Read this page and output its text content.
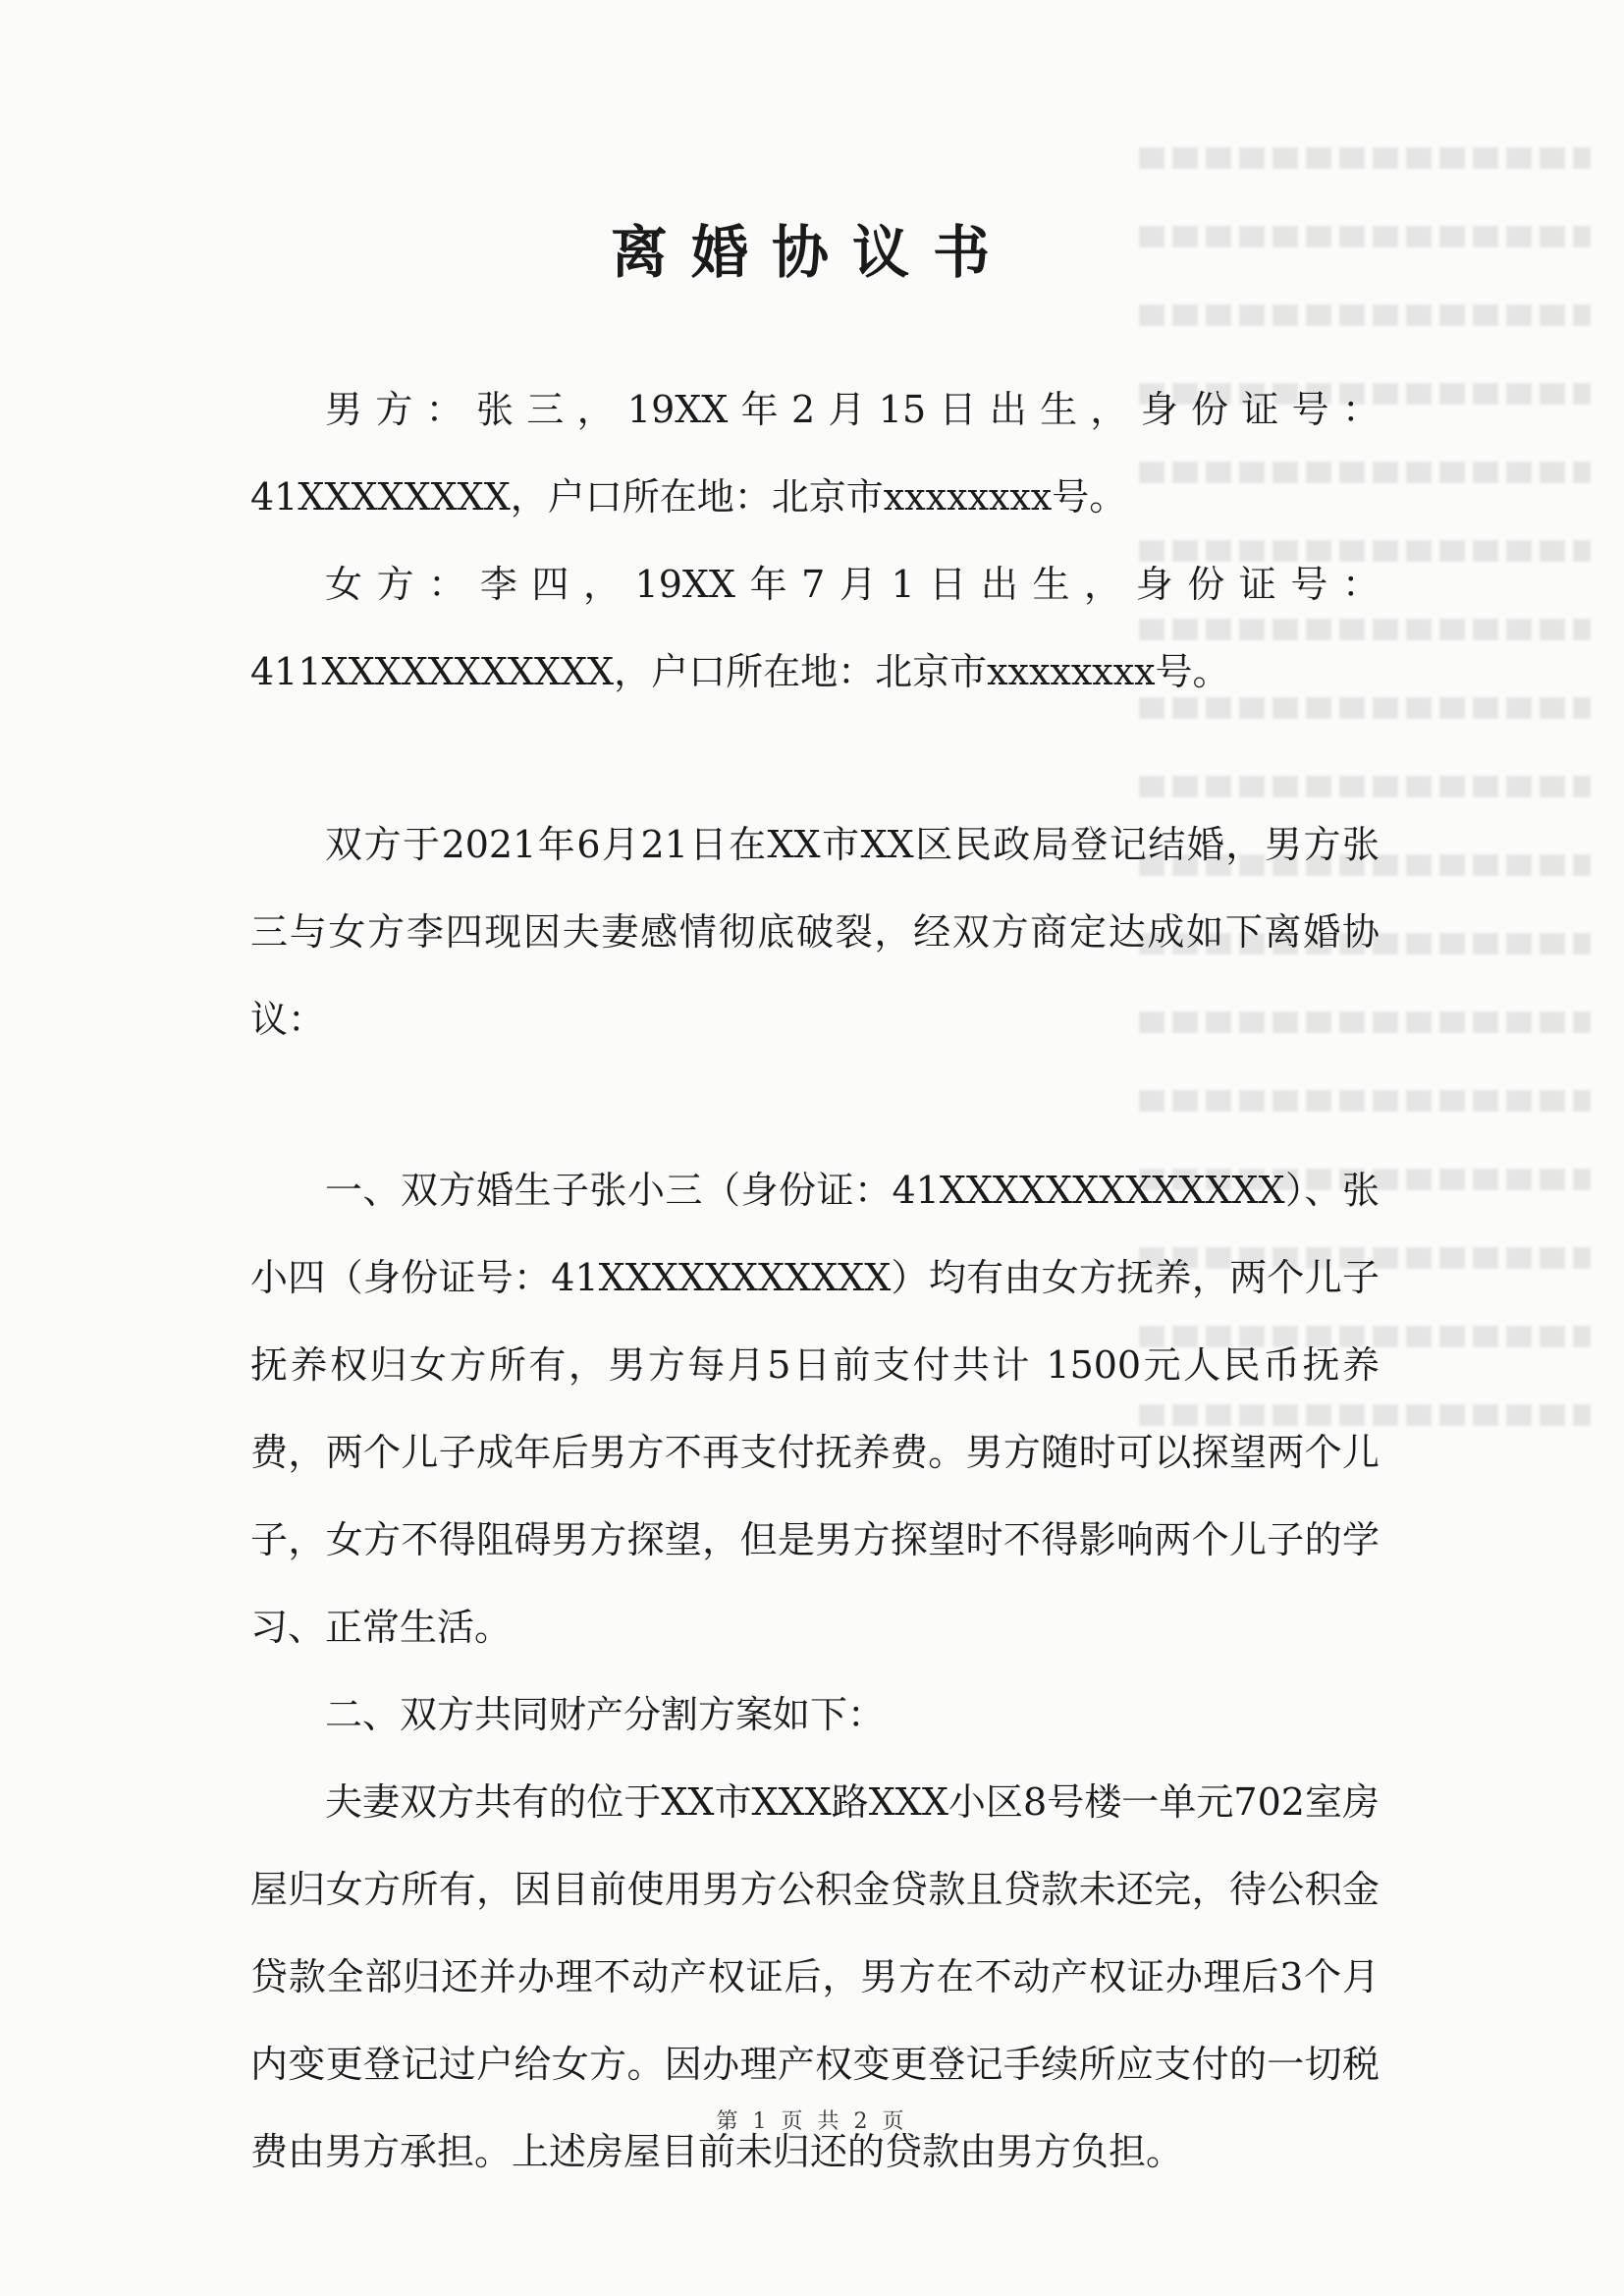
离婚协议书

男方：张三，19XX年2月15日出生，身份证号：41XXXXXXXX，户口所在地：北京市xxxxxxxx号。

女方：李四，19XX年7月1日出生，身份证号：411XXXXXXXXXXX，户口所在地：北京市xxxxxxxx号。

双方于2021年6月21日在XX市XX区民政局登记结婚，男方张三与女方李四现因夫妻感情彻底破裂，经双方商定达成如下离婚协议：

一、双方婚生子张小三（身份证：41XXXXXXXXXXXXX）、张小四（身份证号：41XXXXXXXXXXX）均有由女方抚养，两个儿子抚养权归女方所有，男方每月5日前支付共计 1500元人民币抚养费，两个儿子成年后男方不再支付抚养费。男方随时可以探望两个儿子，女方不得阻碍男方探望，但是男方探望时不得影响两个儿子的学习、正常生活。

二、双方共同财产分割方案如下：

夫妻双方共有的位于XX市XXX路XXX小区8号楼一单元702室房屋归女方所有，因目前使用男方公积金贷款且贷款未还完，待公积金贷款全部归还并办理不动产权证后，男方在不动产权证办理后3个月内变更登记过户给女方。因办理产权变更登记手续所应支付的一切税费由男方承担。上述房屋目前未归还的贷款由男方负担。

第 1 页 共 2 页
